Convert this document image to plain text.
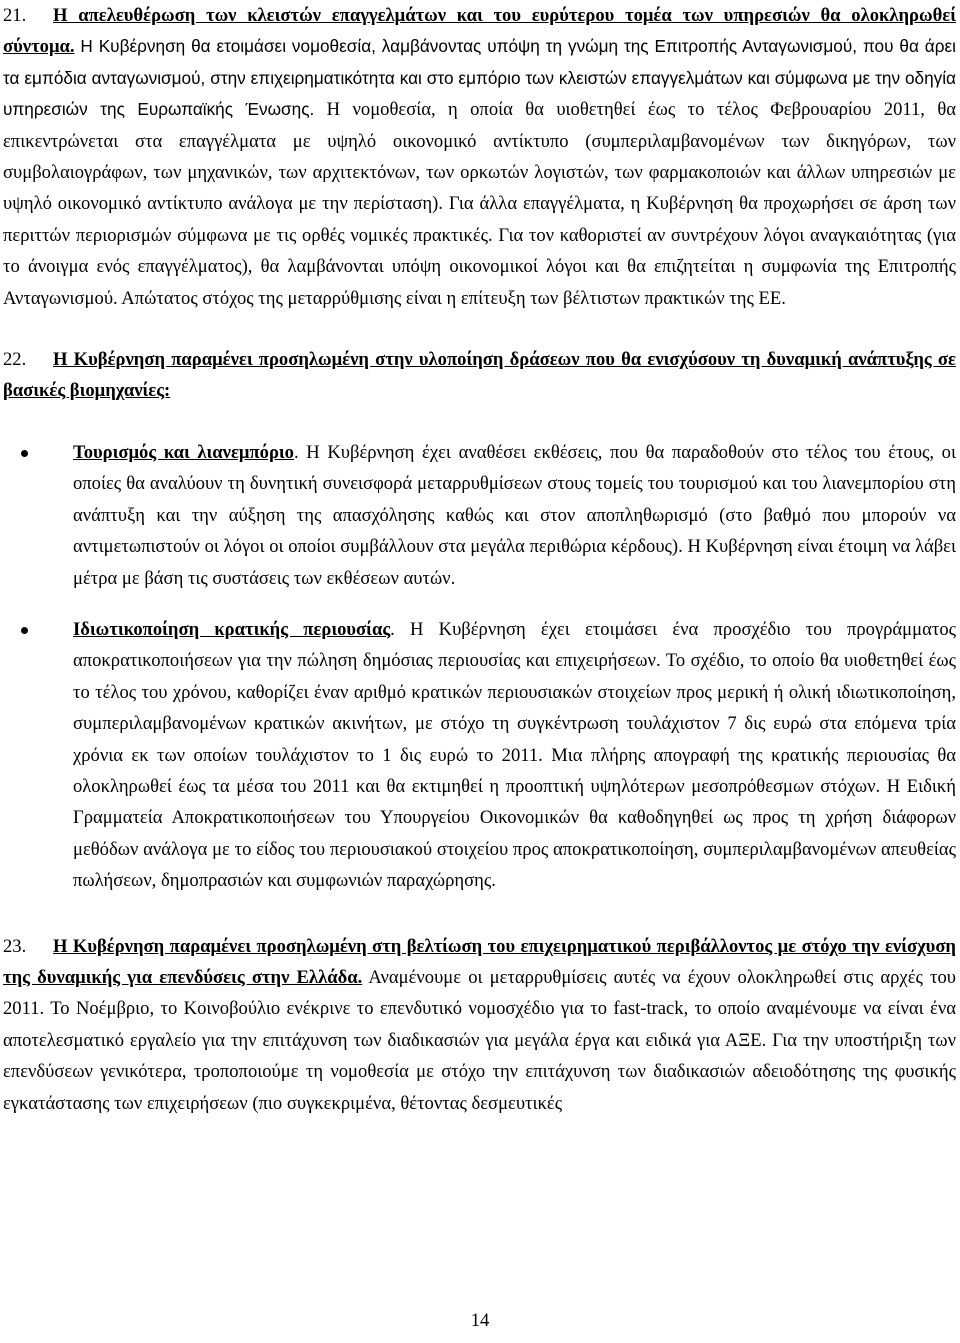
21. Η απελευθέρωση των κλειστών επαγγελμάτων και του ευρύτερου τομέα των υπηρεσιών θα ολοκληρωθεί σύντομα. Η Κυβέρνηση θα ετοιμάσει νομοθεσία, λαμβάνοντας υπόψη τη γνώμη της Επιτροπής Ανταγωνισμού, που θα άρει τα εμπόδια ανταγωνισμού, στην επιχειρηματικότητα και στο εμπόριο των κλειστών επαγγελμάτων και σύμφωνα με την οδηγία υπηρεσιών της Ευρωπαϊκής Ένωσης. Η νομοθεσία, η οποία θα υιοθετηθεί έως το τέλος Φεβρουαρίου 2011, θα επικεντρώνεται στα επαγγέλματα με υψηλό οικονομικό αντίκτυπο (συμπεριλαμβανομένων των δικηγόρων, των συμβολαιογράφων, των μηχανικών, των αρχιτεκτόνων, των ορκωτών λογιστών, των φαρμακοποιών και άλλων υπηρεσιών με υψηλό οικονομικό αντίκτυπο ανάλογα με την περίσταση). Για άλλα επαγγέλματα, η Κυβέρνηση θα προχωρήσει σε άρση των περιττών περιορισμών σύμφωνα με τις ορθές νομικές πρακτικές. Για τον καθοριστεί αν συντρέχουν λόγοι αναγκαιότητας (για το άνοιγμα ενός επαγγέλματος), θα λαμβάνονται υπόψη οικονομικοί λόγοι και θα επιζητείται η συμφωνία της Επιτροπής Ανταγωνισμού. Απώτατος στόχος της μεταρρύθμισης είναι η επίτευξη των βέλτιστων πρακτικών της ΕΕ.

22. Η Κυβέρνηση παραμένει προσηλωμένη στην υλοποίηση δράσεων που θα ενισχύσουν τη δυναμική ανάπτυξης σε βασικές βιομηχανίες:

Τουρισμός και λιανεμπόριο. Η Κυβέρνηση έχει αναθέσει εκθέσεις, που θα παραδοθούν στο τέλος του έτους, οι οποίες θα αναλύουν τη δυνητική συνεισφορά μεταρρυθμίσεων στους τομείς του τουρισμού και του λιανεμπορίου στη ανάπτυξη και την αύξηση της απασχόλησης καθώς και στον αποπληθωρισμό (στο βαθμό που μπορούν να αντιμετωπιστούν οι λόγοι οι οποίοι συμβάλλουν στα μεγάλα περιθώρια κέρδους). Η Κυβέρνηση είναι έτοιμη να λάβει μέτρα με βάση τις συστάσεις των εκθέσεων αυτών.
Ιδιωτικοποίηση κρατικής περιουσίας. Η Κυβέρνηση έχει ετοιμάσει ένα προσχέδιο του προγράμματος αποκρατικοποιήσεων για την πώληση δημόσιας περιουσίας και επιχειρήσεων. Το σχέδιο, το οποίο θα υιοθετηθεί έως το τέλος του χρόνου, καθορίζει έναν αριθμό κρατικών περιουσιακών στοιχείων προς μερική ή ολική ιδιωτικοποίηση, συμπεριλαμβανομένων κρατικών ακινήτων, με στόχο τη συγκέντρωση τουλάχιστον 7 δις ευρώ στα επόμενα τρία χρόνια εκ των οποίων τουλάχιστον το 1 δις ευρώ το 2011. Μια πλήρης απογραφή της κρατικής περιουσίας θα ολοκληρωθεί έως τα μέσα του 2011 και θα εκτιμηθεί η προοπτική υψηλότερων μεσοπρόθεσμων στόχων. Η Ειδική Γραμματεία Αποκρατικοποιήσεων του Υπουργείου Οικονομικών θα καθοδηγηθεί ως προς τη χρήση διάφορων μεθόδων ανάλογα με το είδος του περιουσιακού στοιχείου προς αποκρατικοποίηση, συμπεριλαμβανομένων απευθείας πωλήσεων, δημοπρασιών και συμφωνιών παραχώρησης.

23. Η Κυβέρνηση παραμένει προσηλωμένη στη βελτίωση του επιχειρηματικού περιβάλλοντος με στόχο την ενίσχυση της δυναμικής για επενδύσεις στην Ελλάδα. Αναμένουμε οι μεταρρυθμίσεις αυτές να έχουν ολοκληρωθεί στις αρχές του 2011. Το Νοέμβριο, το Κοινοβούλιο ενέκρινε το επενδυτικό νομοσχέδιο για το fast-track, το οποίο αναμένουμε να είναι ένα αποτελεσματικό εργαλείο για την επιτάχυνση των διαδικασιών για μεγάλα έργα και ειδικά για ΑΞΕ. Για την υποστήριξη των επενδύσεων γενικότερα, τροποποιούμε τη νομοθεσία με στόχο την επιτάχυνση των διαδικασιών αδειοδότησης της φυσικής εγκατάστασης των επιχειρήσεων (πιο συγκεκριμένα, θέτοντας δεσμευτικές

14
